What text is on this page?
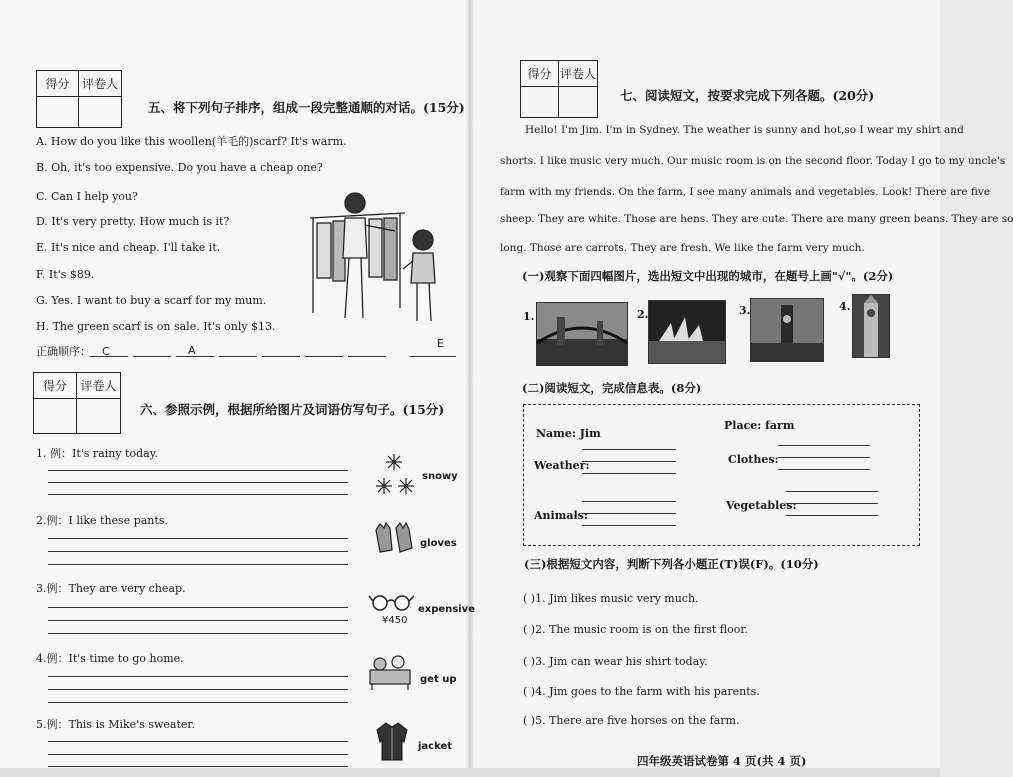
得分	评卷人
五、将下列句子排序，组成一段完整通顺的对话。(15分)
A. How do you like this woollen(羊毛的)scarf? It's warm.
B. Oh, it's too expensive. Do you have a cheap one?
C. Can I help you?
D. It's very pretty. How much is it?
E. It's nice and cheap. I'll take it.
F. It's $89.
G. Yes. I want to buy a scarf for my mum.
H. The green scarf is on sale. It's only $13.
正确顺序： C	A
E
得分	评卷人
六、参照示例，根据所给图片及词语仿写句子。(15分)
1. 例：It's rainy today.
snowy
2.例：I like these pants.
gloves
3.例：They are very cheap.
¥450
expensive
4.例：It's time to go home.
get up
5.例：This is Mike's sweater.
jacket
得分 评卷人
七、阅读短文，按要求完成下列各题。(20分)
Hello! I'm Jim. I'm in Sydney. The weather is sunny and hot,so I wear my shirt and
shorts. I like music very much. Our music room is on the second floor. Today I go to my uncle's
farm with my friends. On the farm, I see many animals and vegetables. Look! There are five
sheep. They are white. Those are hens. They are cute. There are many green beans. They are so
long. Those are carrots. They are fresh. We like the farm very much.
(一)观察下面四幅图片，选出短文中出现的城市，在题号上画"√"。(2分)
1.	2.	3.	4.
(二)阅读短文，完成信息表。(8分)
Name: Jim
Place: farm
Weather:	Clothes:
Animals:
Vegetables:
(三)根据短文内容，判断下列各小题正(T)误(F)。(10分)
( )1. Jim likes music very much.
( )2. The music room is on the first floor.
( )3. Jim can wear his shirt today.
( )4. Jim goes to the farm with his parents.
( )5. There are five horses on the farm.
四年级英语试卷第 4 页(共 4 页)
